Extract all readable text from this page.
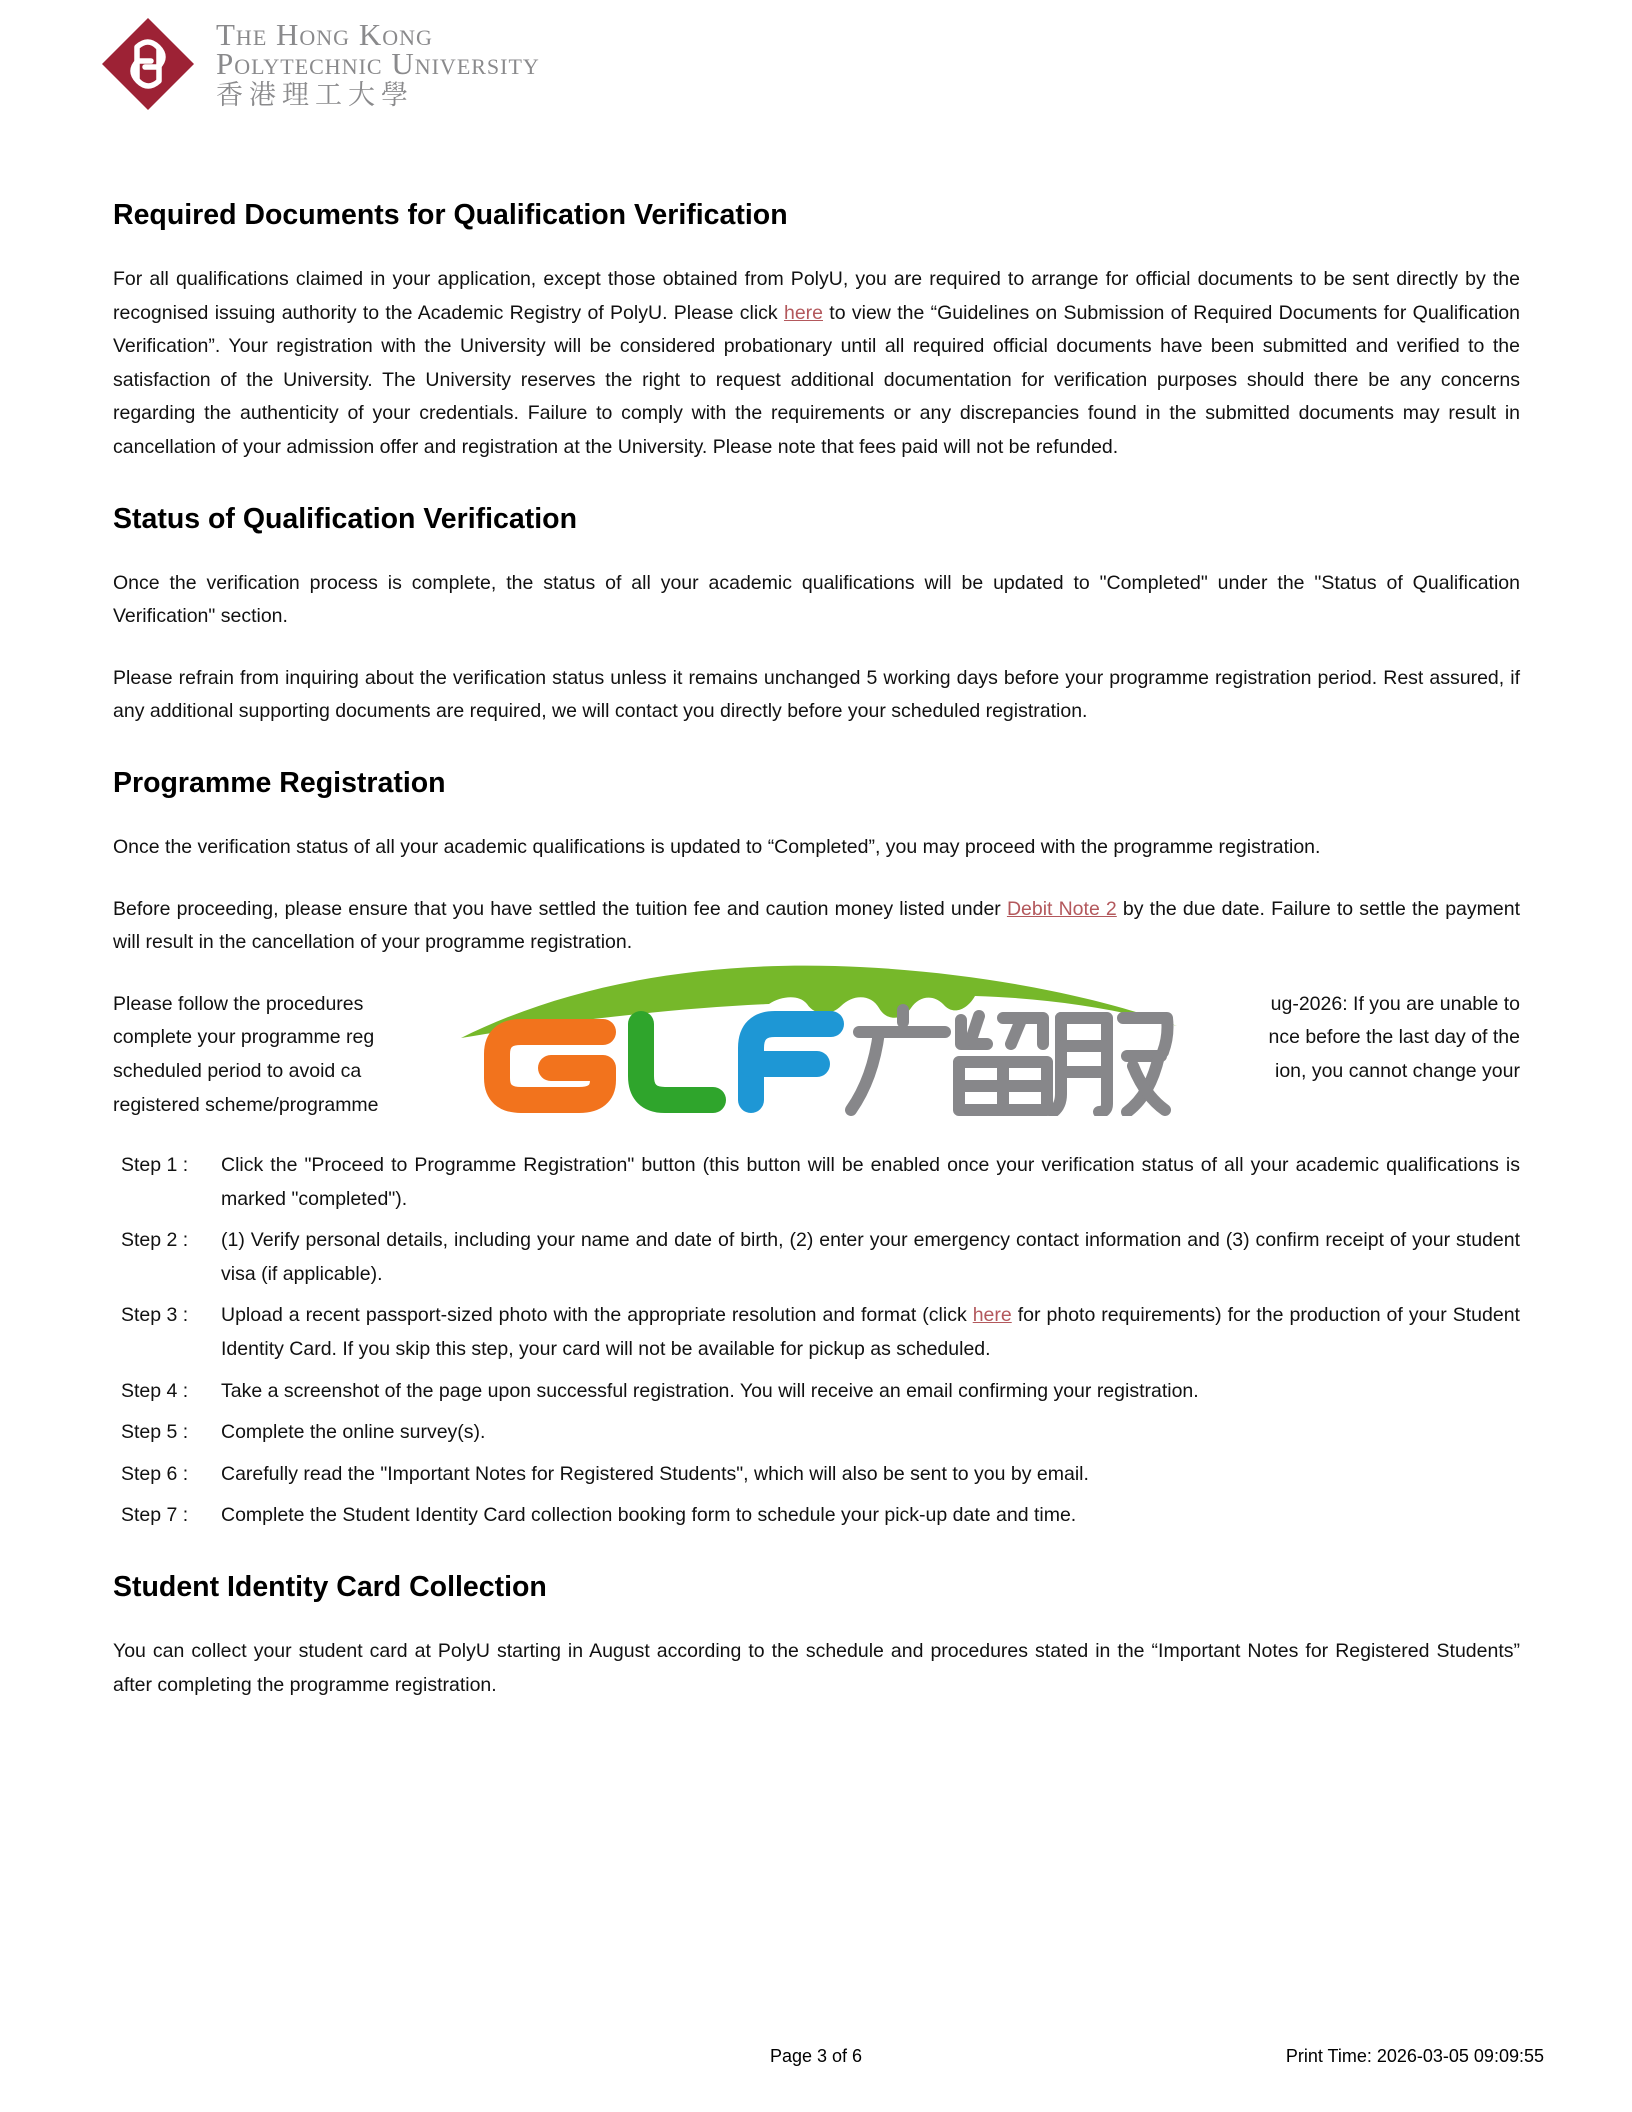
The Hong Kong
Polytechnic University
香港理工大學
Required Documents for Qualification Verification

For all qualifications claimed in your application, except those obtained from PolyU, you are required to arrange for official documents to be sent directly by the recognised issuing authority to the Academic Registry of PolyU. Please click here to view the “Guidelines on Submission of Required Documents for Qualification Verification”. Your registration with the University will be considered probationary until all required official documents have been submitted and verified to the satisfaction of the University. The University reserves the right to request additional documentation for verification purposes should there be any concerns regarding the authenticity of your credentials. Failure to comply with the requirements or any discrepancies found in the submitted documents may result in cancellation of your admission offer and registration at the University. Please note that fees paid will not be refunded.

Status of Qualification Verification

Once the verification process is complete, the status of all your academic qualifications will be updated to "Completed" under the "Status of Qualification Verification" section.

Please refrain from inquiring about the verification status unless it remains unchanged 5 working days before your programme registration period. Rest assured, if any additional supporting documents are required, we will contact you directly before your scheduled registration.

Programme Registration

Once the verification status of all your academic qualifications is updated to “Completed”, you may proceed with the programme registration.

Before proceeding, please ensure that you have settled the tuition fee and caution money listed under Debit Note 2 by the due date. Failure to settle the payment will result in the cancellation of your programme registration.

Please follow the procedures	ug-2026: If you are unable to
complete your programme reg	nce before the last day of the
scheduled period to avoid ca	ion, you cannot change your
registered scheme/programme
Step 1 :	Click the "Proceed to Programme Registration" button (this button will be enabled once your verification status of all your academic qualifications is marked "completed").
Step 2 :	(1) Verify personal details, including your name and date of birth, (2) enter your emergency contact information and (3) confirm receipt of your student visa (if applicable).
Step 3 :	Upload a recent passport-sized photo with the appropriate resolution and format (click here for photo requirements) for the production of your Student Identity Card. If you skip this step, your card will not be available for pickup as scheduled.
Step 4 :	Take a screenshot of the page upon successful registration. You will receive an email confirming your registration.
Step 5 :	Complete the online survey(s).
Step 6 :	Carefully read the "Important Notes for Registered Students", which will also be sent to you by email.
Step 7 :	Complete the Student Identity Card collection booking form to schedule your pick-up date and time.
Student Identity Card Collection

You can collect your student card at PolyU starting in August according to the schedule and procedures stated in the “Important Notes for Registered Students” after completing the programme registration.

Page 3 of 6	Print Time: 2026-03-05 09:09:55
